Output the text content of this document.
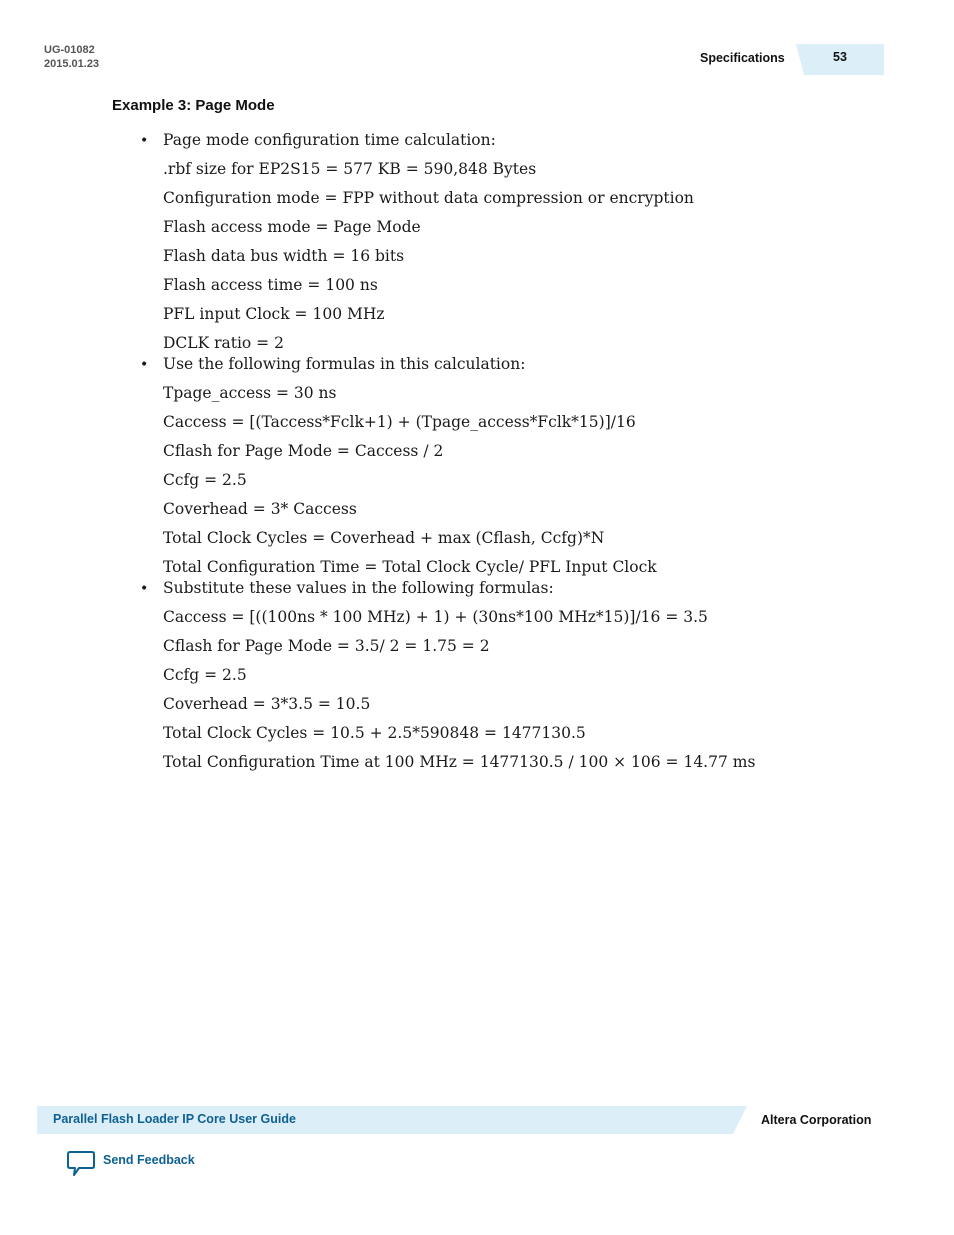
UG-01082
2015.01.23	Specifications	53
Example 3: Page Mode
• Page mode configuration time calculation:
.rbf size for EP2S15 = 577 KB = 590,848 Bytes
Configuration mode = FPP without data compression or encryption
Flash access mode = Page Mode
Flash data bus width = 16 bits
Flash access time = 100 ns
PFL input Clock = 100 MHz
DCLK ratio = 2
• Use the following formulas in this calculation:
Tpage_access = 30 ns
Caccess = [(Taccess*Fclk+1) + (Tpage_access*Fclk*15)]/16
Cflash for Page Mode = Caccess / 2
Ccfg = 2.5
Coverhead = 3* Caccess
Total Clock Cycles = Coverhead + max (Cflash, Ccfg)*N
Total Configuration Time = Total Clock Cycle/ PFL Input Clock
• Substitute these values in the following formulas:
Caccess = [((100ns * 100 MHz) + 1) + (30ns*100 MHz*15)]/16 = 3.5
Cflash for Page Mode = 3.5/ 2 = 1.75 = 2
Ccfg = 2.5
Coverhead = 3*3.5 = 10.5
Total Clock Cycles = 10.5 + 2.5*590848 = 1477130.5
Total Configuration Time at 100 MHz = 1477130.5 / 100 × 106 = 14.77 ms
Parallel Flash Loader IP Core User Guide	Altera Corporation
Send Feedback
